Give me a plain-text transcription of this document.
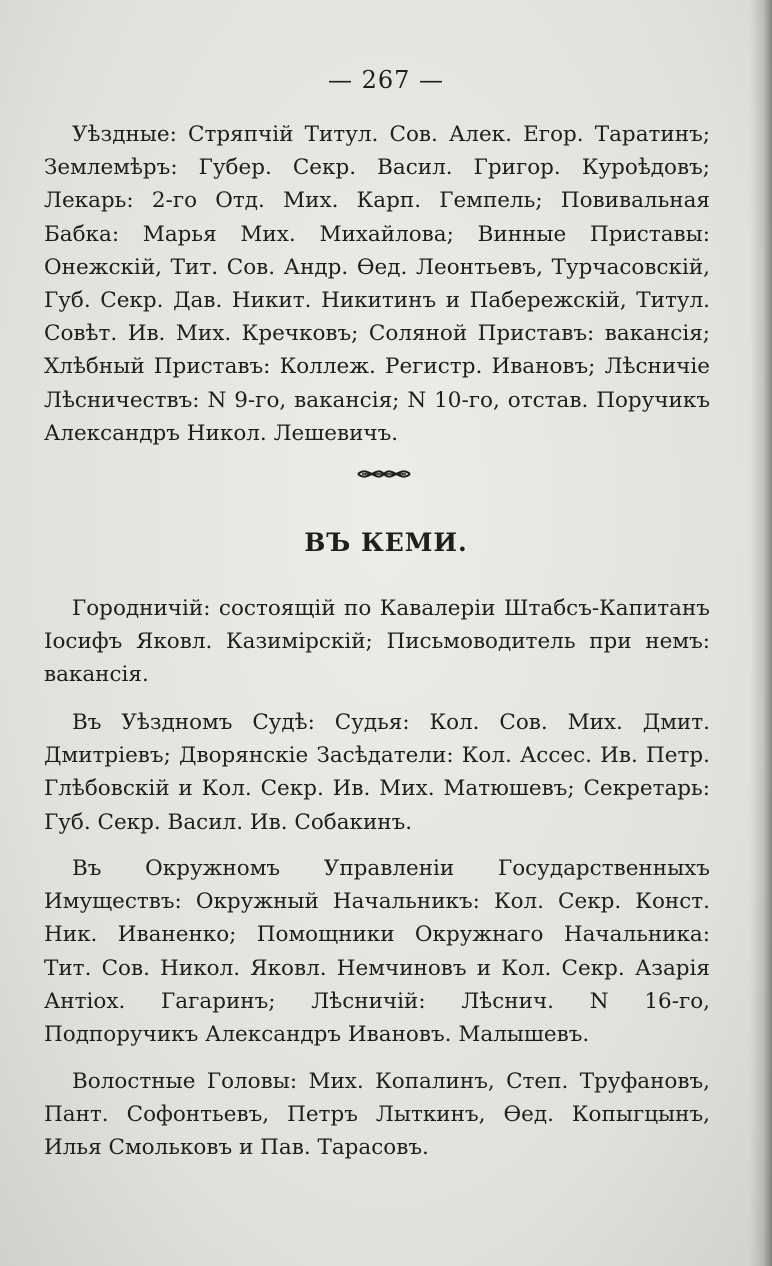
— 267 —

Уѣздные: Стряпчій Титул. Сов. Алек. Егор. Таратинъ; Землемѣръ: Губер. Секр. Васил. Григор. Куроѣдовъ; Лекарь: 2-го Отд. Мих. Карп. Гемпель; Повивальная Бабка: Марья Мих. Михайлова; Винные Приставы: Онежскій, Тит. Сов. Андр. Ѳед. Леонтьевъ, Турчасовскій, Губ. Секр. Дав. Никит. Никитинъ и Пабережскій, Титул. Совѣт. Ив. Мих. Кречковъ; Соляной Приставъ: вакансія; Хлѣбный Приставъ: Коллеж. Регистр. Ивановъ; Лѣсничіе Лѣсничествъ: N 9-го, вакансія; N 10-го, отстав. Поручикъ Александръ Никол. Лешевичъ.

ВЪ КЕМИ.

Городничій: состоящій по Кавалеріи Штабсъ-Капитанъ Іосифъ Яковл. Казимірскій; Письмоводитель при немъ: вакансія.

Въ Уѣздномъ Судѣ: Судья: Кол. Сов. Мих. Дмит. Дмитріевъ; Дворянскіе Засѣдатели: Кол. Ассес. Ив. Петр. Глѣбовскій и Кол. Секр. Ив. Мих. Матюшевъ; Секретарь: Губ. Секр. Васил. Ив. Собакинъ.

Въ Окружномъ Управленіи Государственныхъ Имуществъ: Окружный Начальникъ: Кол. Секр. Конст. Ник. Иваненко; Помощники Окружнаго Начальника: Тит. Сов. Никол. Яковл. Немчиновъ и Кол. Секр. Азарія Антіох. Гагаринъ; Лѣсничій: Лѣснич. N 16-го, Подпоручикъ Александръ Ивановъ. Малышевъ.

Волостные Головы: Мих. Копалинъ, Степ. Труфановъ, Пант. Софонтьевъ, Петръ Лыткинъ, Ѳед. Копыгцынъ, Илья Смольковъ и Пав. Тарасовъ.
